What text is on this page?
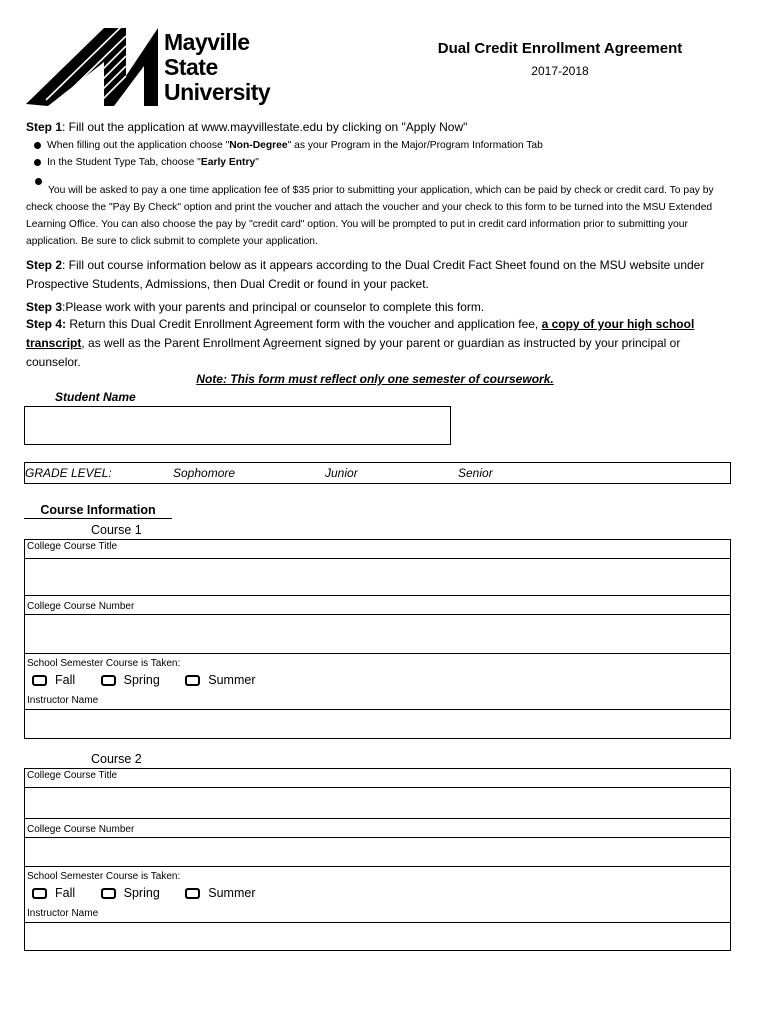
Mayville
State
University
Dual Credit Enrollment Agreement
2017-2018
Step 1: Fill out the application at www.mayvillestate.edu by clicking on "Apply Now"
When filling out the application choose "Non-Degree" as your Program in the Major/Program Information Tab
In the Student Type Tab, choose "Early Entry"
You will be asked to pay a one time application fee of $35 prior to submitting your application, which can be paid by check or credit card. To pay by check choose the "Pay By Check" option and print the voucher and attach the voucher and your check to this form to be turned into the MSU Extended Learning Office. You can also choose the pay by "credit card" option. You will be prompted to put in credit card information prior to submitting your application. Be sure to click submit to complete your application.
Step 2: Fill out course information below as it appears according to the Dual Credit Fact Sheet found on the MSU website under Prospective Students, Admissions, then Dual Credit or found in your packet.
Step 3:Please work with your parents and principal or counselor to complete this form.
Step 4: Return this Dual Credit Enrollment Agreement form with the voucher and application fee, a copy of your high school transcript, as well as the Parent Enrollment Agreement signed by your parent or guardian as instructed by your principal or counselor.
Note: This form must reflect only one semester of coursework.
Student Name
GRADE LEVEL:	Sophomore	Junior	Senior
Course Information
Course 1
College Course Title
College Course Number
School Semester Course is Taken:
Fall	Spring	Summer
Instructor Name
Course 2
College Course Title
College Course Number
School Semester Course is Taken:
Fall	Spring	Summer
Instructor Name
